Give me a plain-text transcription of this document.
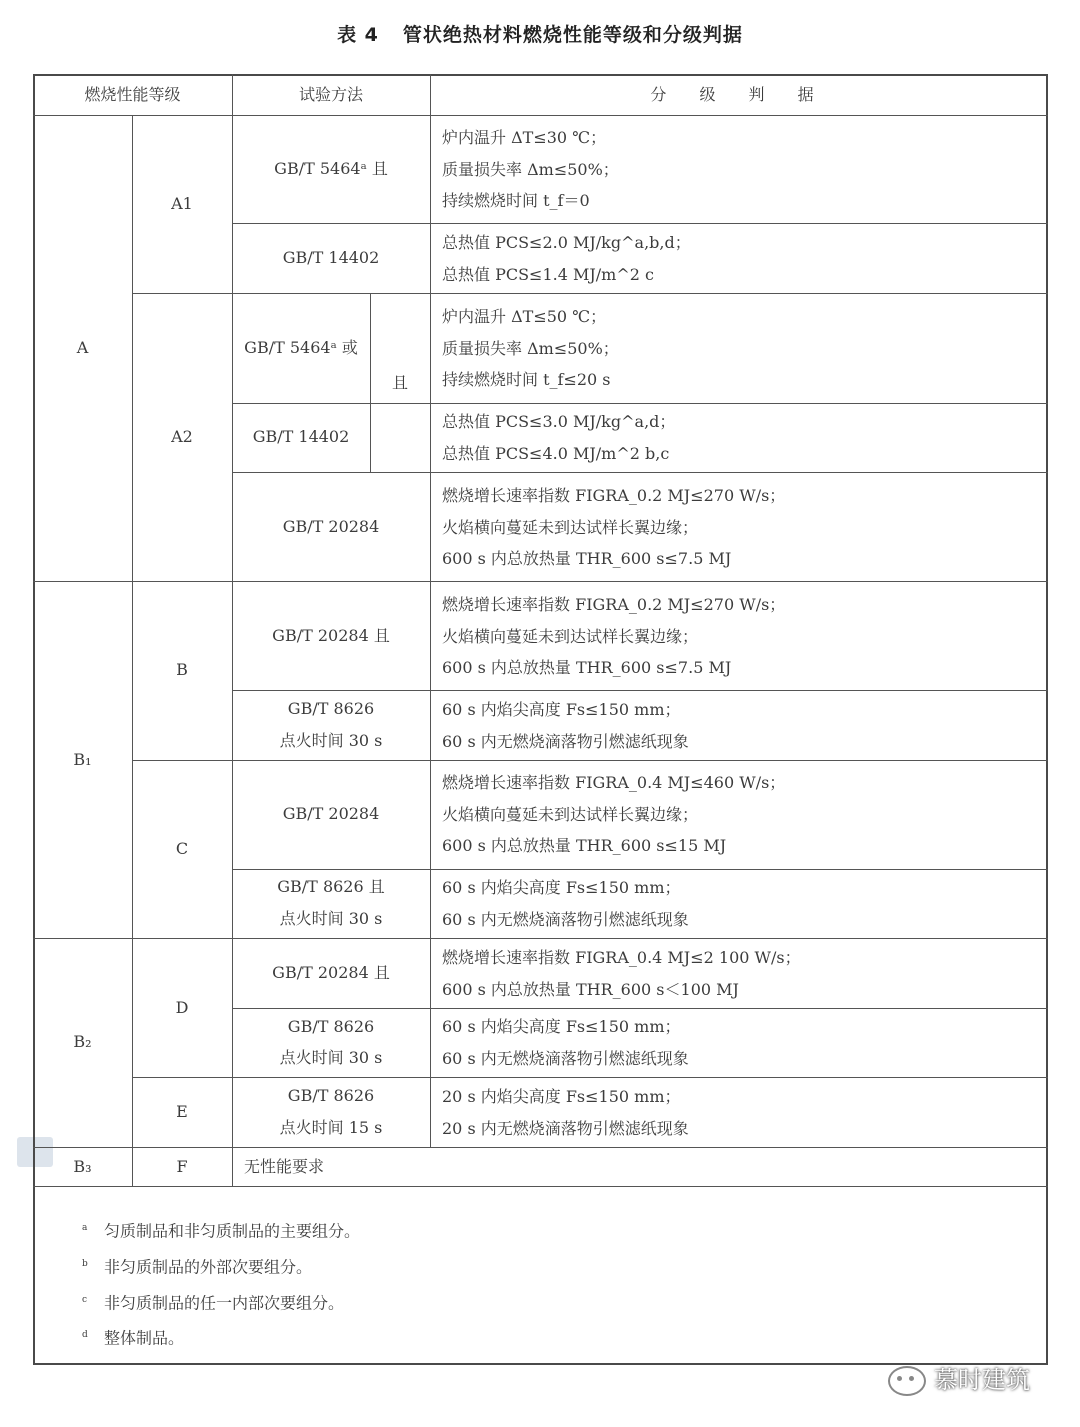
表 4 管状绝热材料燃烧性能等级和分级判据
燃烧性能等级	试验方法	分 级 判 据
A
B₁
B₂
B₃
A1
A2
B
C
D
E
F
GB/T 5464ᵃ 且
GB/T 14402
GB/T 5464ᵃ 或
且
GB/T 14402
GB/T 20284
GB/T 20284 且
GB/T 8626
点火时间 30 s
GB/T 20284
GB/T 8626 且
点火时间 30 s
GB/T 20284 且
GB/T 8626
点火时间 30 s
GB/T 8626
点火时间 15 s
无性能要求
炉内温升 ΔT≤30 ℃；
质量损失率 Δm≤50%；
持续燃烧时间 t_f＝0
总热值 PCS≤2.0 MJ/kg^a,b,d；
总热值 PCS≤1.4 MJ/m^2 c
炉内温升 ΔT≤50 ℃；
质量损失率 Δm≤50%；
持续燃烧时间 t_f≤20 s
总热值 PCS≤3.0 MJ/kg^a,d；
总热值 PCS≤4.0 MJ/m^2 b,c
燃烧增长速率指数 FIGRA_0.2 MJ≤270 W/s；
火焰横向蔓延未到达试样长翼边缘；
600 s 内总放热量 THR_600 s≤7.5 MJ
燃烧增长速率指数 FIGRA_0.2 MJ≤270 W/s；
火焰横向蔓延未到达试样长翼边缘；
600 s 内总放热量 THR_600 s≤7.5 MJ
60 s 内焰尖高度 Fs≤150 mm；
60 s 内无燃烧滴落物引燃滤纸现象
燃烧增长速率指数 FIGRA_0.4 MJ≤460 W/s；
火焰横向蔓延未到达试样长翼边缘；
600 s 内总放热量 THR_600 s≤15 MJ
60 s 内焰尖高度 Fs≤150 mm；
60 s 内无燃烧滴落物引燃滤纸现象
燃烧增长速率指数 FIGRA_0.4 MJ≤2 100 W/s；
600 s 内总放热量 THR_600 s＜100 MJ
60 s 内焰尖高度 Fs≤150 mm；
60 s 内无燃烧滴落物引燃滤纸现象
20 s 内焰尖高度 Fs≤150 mm；
20 s 内无燃烧滴落物引燃滤纸现象
a 匀质制品和非匀质制品的主要组分。
b 非匀质制品的外部次要组分。
c 非匀质制品的任一内部次要组分。
d 整体制品。
慕时建筑
